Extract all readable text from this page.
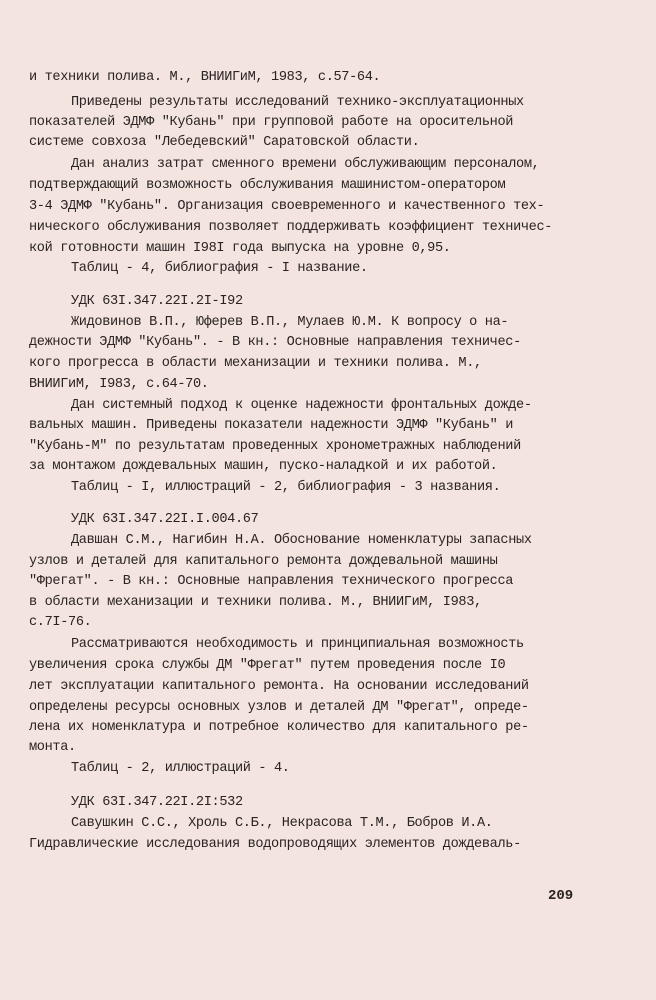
и техники полива. М., ВНИИГиМ, 1983, с.57-64.
Приведены результаты исследований технико-эксплуатационных
показателей ЭДМФ "Кубань" при групповой работе на оросительной
системе совхоза "Лебедевский" Саратовской области.
Дан анализ затрат сменного времени обслуживающим персоналом,
подтверждающий возможность обслуживания машинистом-оператором
3-4 ЭДМФ "Кубань". Организация своевременного и качественного тех-
нического обслуживания позволяет поддерживать коэффициент техничес-
кой готовности машин I98I года выпуска на уровне 0,95.
Таблиц - 4, библиография - I название.
УДК 63I.347.22I.2I-I92
Жидовинов В.П., Юферев В.П., Мулаев Ю.М. К вопросу о на-
дежности ЭДМФ "Кубань". - В кн.: Основные направления техничес-
кого прогресса в области механизации и техники полива. М.,
ВНИИГиМ, I983, с.64-70.
Дан системный подход к оценке надежности фронтальных дожде-
вальных машин. Приведены показатели надежности ЭДМФ "Кубань" и
"Кубань-М" по результатам проведенных хронометражных наблюдений
за монтажом дождевальных машин, пуско-наладкой и их работой.
Таблиц - I, иллюстраций - 2, библиография - 3 названия.
УДК 63I.347.22I.I.004.67
Давшан С.М., Нагибин Н.А. Обоснование номенклатуры запасных
узлов и деталей для капитального ремонта дождевальной машины
"Фрегат". - В кн.: Основные направления технического прогресса
в области механизации и техники полива. М., ВНИИГиМ, I983,
с.7I-76.
Рассматриваются необходимость и принципиальная возможность
увеличения срока службы ДМ "Фрегат" путем проведения после I0
лет эксплуатации капитального ремонта. На основании исследований
определены ресурсы основных узлов и деталей ДМ "Фрегат", опреде-
лена их номенклатура и потребное количество для капитального ре-
монта.
Таблиц - 2, иллюстраций - 4.
УДК 63I.347.22I.2I:532
Савушкин С.С., Хроль С.Б., Некрасова Т.М., Бобров И.А.
Гидравлические исследования водопроводящих элементов дождеваль-
209
